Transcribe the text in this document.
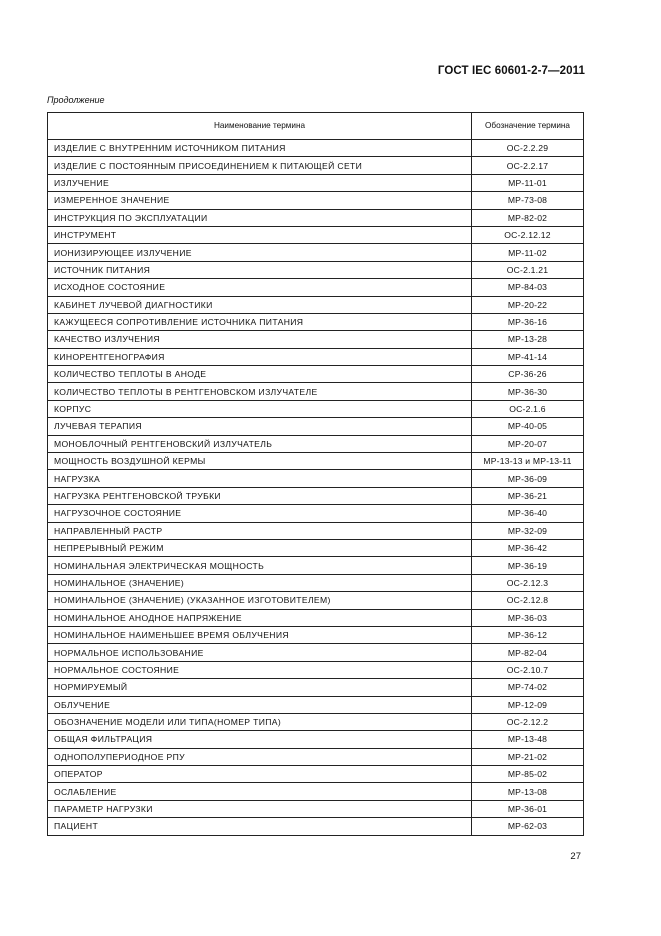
ГОСТ IEC 60601-2-7—2011
Продолжение
Наименование термина	Обозначение термина
ИЗДЕЛИЕ С ВНУТРЕННИМ ИСТОЧНИКОМ ПИТАНИЯ	ОС-2.2.29
ИЗДЕЛИЕ С ПОСТОЯННЫМ ПРИСОЕДИНЕНИЕМ К ПИТАЮЩЕЙ СЕТИ	ОС-2.2.17
ИЗЛУЧЕНИЕ	МР-11-01
ИЗМЕРЕННОЕ ЗНАЧЕНИЕ	МР-73-08
ИНСТРУКЦИЯ ПО ЭКСПЛУАТАЦИИ	МР-82-02
ИНСТРУМЕНТ	ОС-2.12.12
ИОНИЗИРУЮЩЕЕ ИЗЛУЧЕНИЕ	МР-11-02
ИСТОЧНИК ПИТАНИЯ	ОС-2.1.21
ИСХОДНОЕ СОСТОЯНИЕ	МР-84-03
КАБИНЕТ ЛУЧЕВОЙ ДИАГНОСТИКИ	МР-20-22
КАЖУЩЕЕСЯ СОПРОТИВЛЕНИЕ ИСТОЧНИКА ПИТАНИЯ	МР-36-16
КАЧЕСТВО ИЗЛУЧЕНИЯ	МР-13-28
КИНОРЕНТГЕНОГРАФИЯ	МР-41-14
КОЛИЧЕСТВО ТЕПЛОТЫ В АНОДЕ	СР-36-26
КОЛИЧЕСТВО ТЕПЛОТЫ В РЕНТГЕНОВСКОМ ИЗЛУЧАТЕЛЕ	МР-36-30
КОРПУС	ОС-2.1.6
ЛУЧЕВАЯ ТЕРАПИЯ	МР-40-05
МОНОБЛОЧНЫЙ РЕНТГЕНОВСКИЙ ИЗЛУЧАТЕЛЬ	МР-20-07
МОЩНОСТЬ ВОЗДУШНОЙ КЕРМЫ	МР-13-13 и МР-13-11
НАГРУЗКА	МР-36-09
НАГРУЗКА РЕНТГЕНОВСКОЙ ТРУБКИ	МР-36-21
НАГРУЗОЧНОЕ СОСТОЯНИЕ	МР-36-40
НАПРАВЛЕННЫЙ РАСТР	МР-32-09
НЕПРЕРЫВНЫЙ РЕЖИМ	МР-36-42
НОМИНАЛЬНАЯ ЭЛЕКТРИЧЕСКАЯ МОЩНОСТЬ	МР-36-19
НОМИНАЛЬНОЕ (ЗНАЧЕНИЕ)	ОС-2.12.3
НОМИНАЛЬНОЕ (ЗНАЧЕНИЕ) (УКАЗАННОЕ ИЗГОТОВИТЕЛЕМ)	ОС-2.12.8
НОМИНАЛЬНОЕ АНОДНОЕ НАПРЯЖЕНИЕ	МР-36-03
НОМИНАЛЬНОЕ НАИМЕНЬШЕЕ ВРЕМЯ ОБЛУЧЕНИЯ	МР-36-12
НОРМАЛЬНОЕ ИСПОЛЬЗОВАНИЕ	МР-82-04
НОРМАЛЬНОЕ СОСТОЯНИЕ	ОС-2.10.7
НОРМИРУЕМЫЙ	МР-74-02
ОБЛУЧЕНИЕ	МР-12-09
ОБОЗНАЧЕНИЕ МОДЕЛИ ИЛИ ТИПА(НОМЕР ТИПА)	ОС-2.12.2
ОБЩАЯ ФИЛЬТРАЦИЯ	МР-13-48
ОДНОПОЛУПЕРИОДНОЕ РПУ	МР-21-02
ОПЕРАТОР	МР-85-02
ОСЛАБЛЕНИЕ	МР-13-08
ПАРАМЕТР НАГРУЗКИ	МР-36-01
ПАЦИЕНТ	МР-62-03
27
